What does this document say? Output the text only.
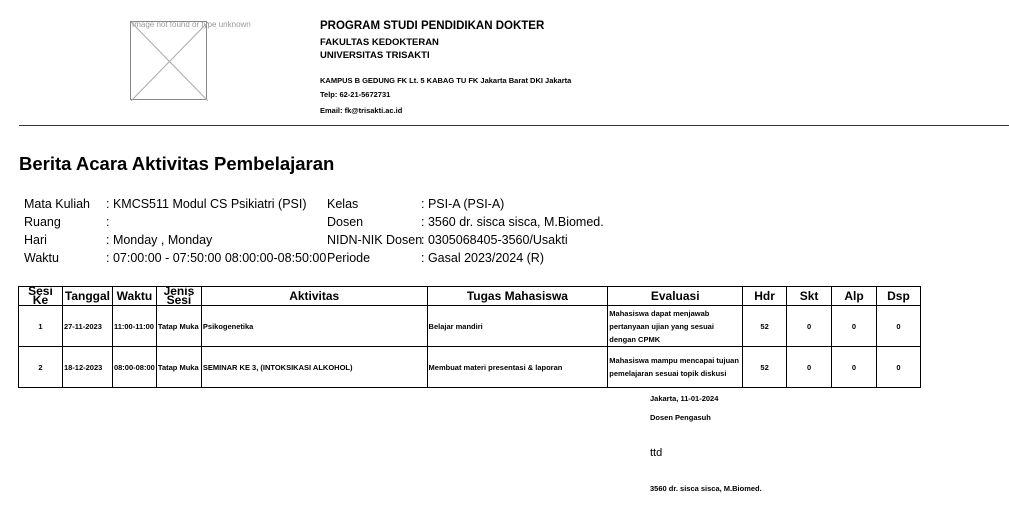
Image not found or type unknown	PROGRAM STUDI PENDIDIKAN DOKTER
FAKULTAS KEDOKTERAN
UNIVERSITAS TRISAKTI
KAMPUS B GEDUNG FK Lt. 5 KABAG TU FK Jakarta Barat DKI Jakarta
Telp: 62-21-5672731
Email: fk@trisakti.ac.id
Berita Acara Aktivitas Pembelajaran
Mata Kuliah : KMCS511 Modul CS Psikiatri (PSI)
Ruang	:
Hari	: Monday , Monday
Waktu	: 07:00:00 - 07:50:00 08:00:00-08:50:00
Kelas	: PSI-A (PSI-A)
Dosen	: 3560 dr. sisca sisca, M.Biomed.
NIDN-NIK Dosen
: 0305068405-3560/Usakti
Periode	: Gasal 2023/2024 (R)
Sesi Ke	Tanggal	Waktu	Jenis Sesi	Aktivitas	Tugas Mahasiswa	Evaluasi	Hdr	Skt	Alp	Dsp
1	27-11-2023	11:00-11:00	Tatap Muka	Psikogenetika	Belajar mandiri	Mahasiswa dapat menjawab pertanyaan ujian yang sesuai dengan CPMK	52	0	0	0
2	18-12-2023	08:00-08:00	Tatap Muka	SEMINAR KE 3, (INTOKSIKASI ALKOHOL)	Membuat materi presentasi & laporan	Mahasiswa mampu mencapai tujuan pemelajaran sesuai topik diskusi	52	0	0	0
Jakarta, 11-01-2024
Dosen Pengasuh
ttd
3560 dr. sisca sisca, M.Biomed.
